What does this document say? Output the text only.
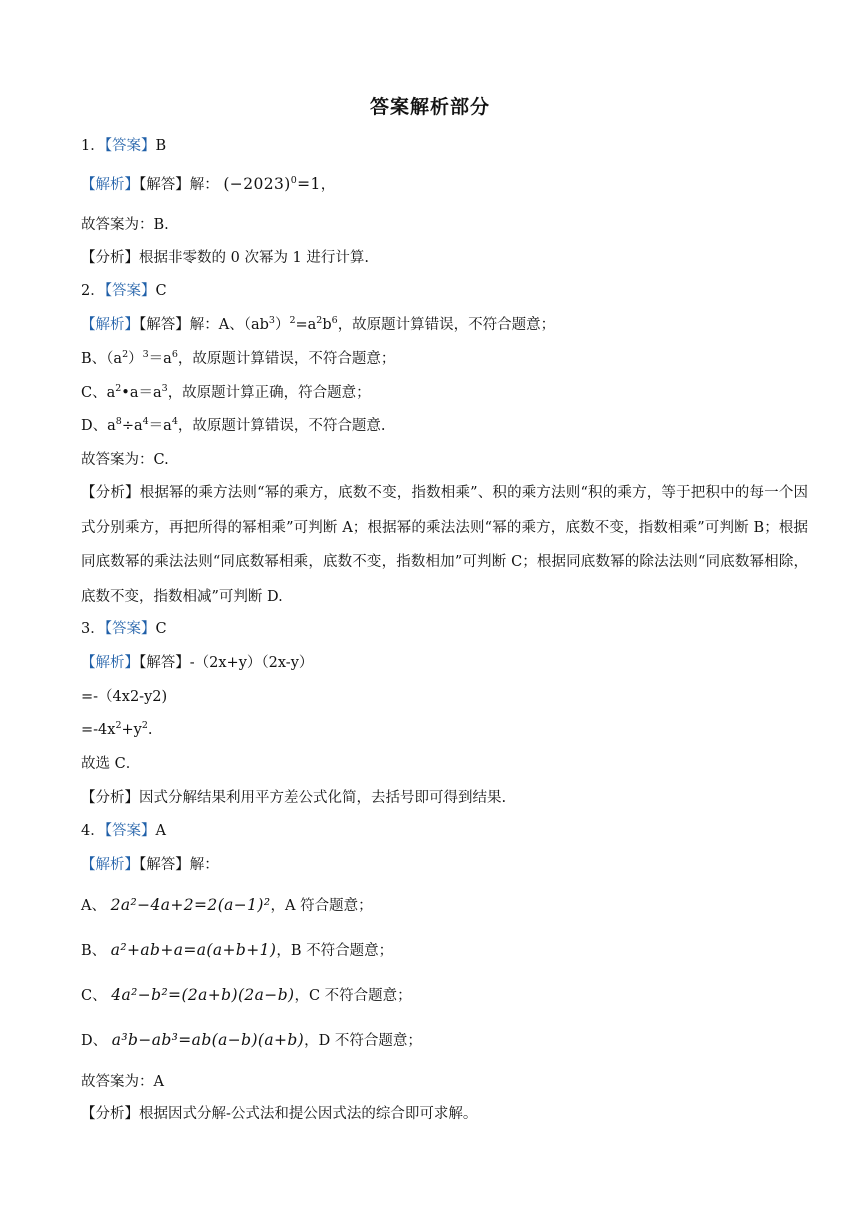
答案解析部分
1．【答案】B
【解析】【解答】解： $(-2023)^0=1$，
故答案为：B.
【分析】根据非零数的 0 次幂为 1 进行计算.
2．【答案】C
【解析】【解答】解：A、$(ab^3)^2=a^2b^6$，故原题计算错误，不符合题意；
B、$(a^2)^3=a^6$，故原题计算错误，不符合题意；
C、$a^2•a=a^3$，故原题计算正确，符合题意；
D、$a^8\div a^4=a^4$，故原题计算错误，不符合题意.
故答案为：C.
【分析】根据幂的乘方法则“幂的乘方，底数不变，指数相乘”、积的乘方法则“积的乘方，等于把积中的每一个因式分别乘方，再把所得的幂相乘”可判断 A；根据幂的乘法法则“幂的乘方，底数不变，指数相乘”可判断 B；根据同底数幂的乘法法则“同底数幂相乘，底数不变，指数相加”可判断 C；根据同底数幂的除法法则“同底数幂相除，底数不变，指数相减”可判断 D.
3．【答案】C
【解析】【解答】-（2x+y）（2x-y）
=-（4x2-y2)
$=-4x^2+y^2$.
故选 C．
【分析】因式分解结果利用平方差公式化简，去括号即可得到结果.
4．【答案】A
【解析】【解答】解：
A、 2a²−4a+2=2(a−1)²，A 符合题意；
B、 a²+ab+a=a(a+b+1)，B 不符合题意；
C、 4a²−b²=(2a+b)(2a−b)，C 不符合题意；
D、 a³b−ab³=ab(a−b)(a+b)，D 不符合题意；
故答案为：A
【分析】根据因式分解-公式法和提公因式法的综合即可求解。
